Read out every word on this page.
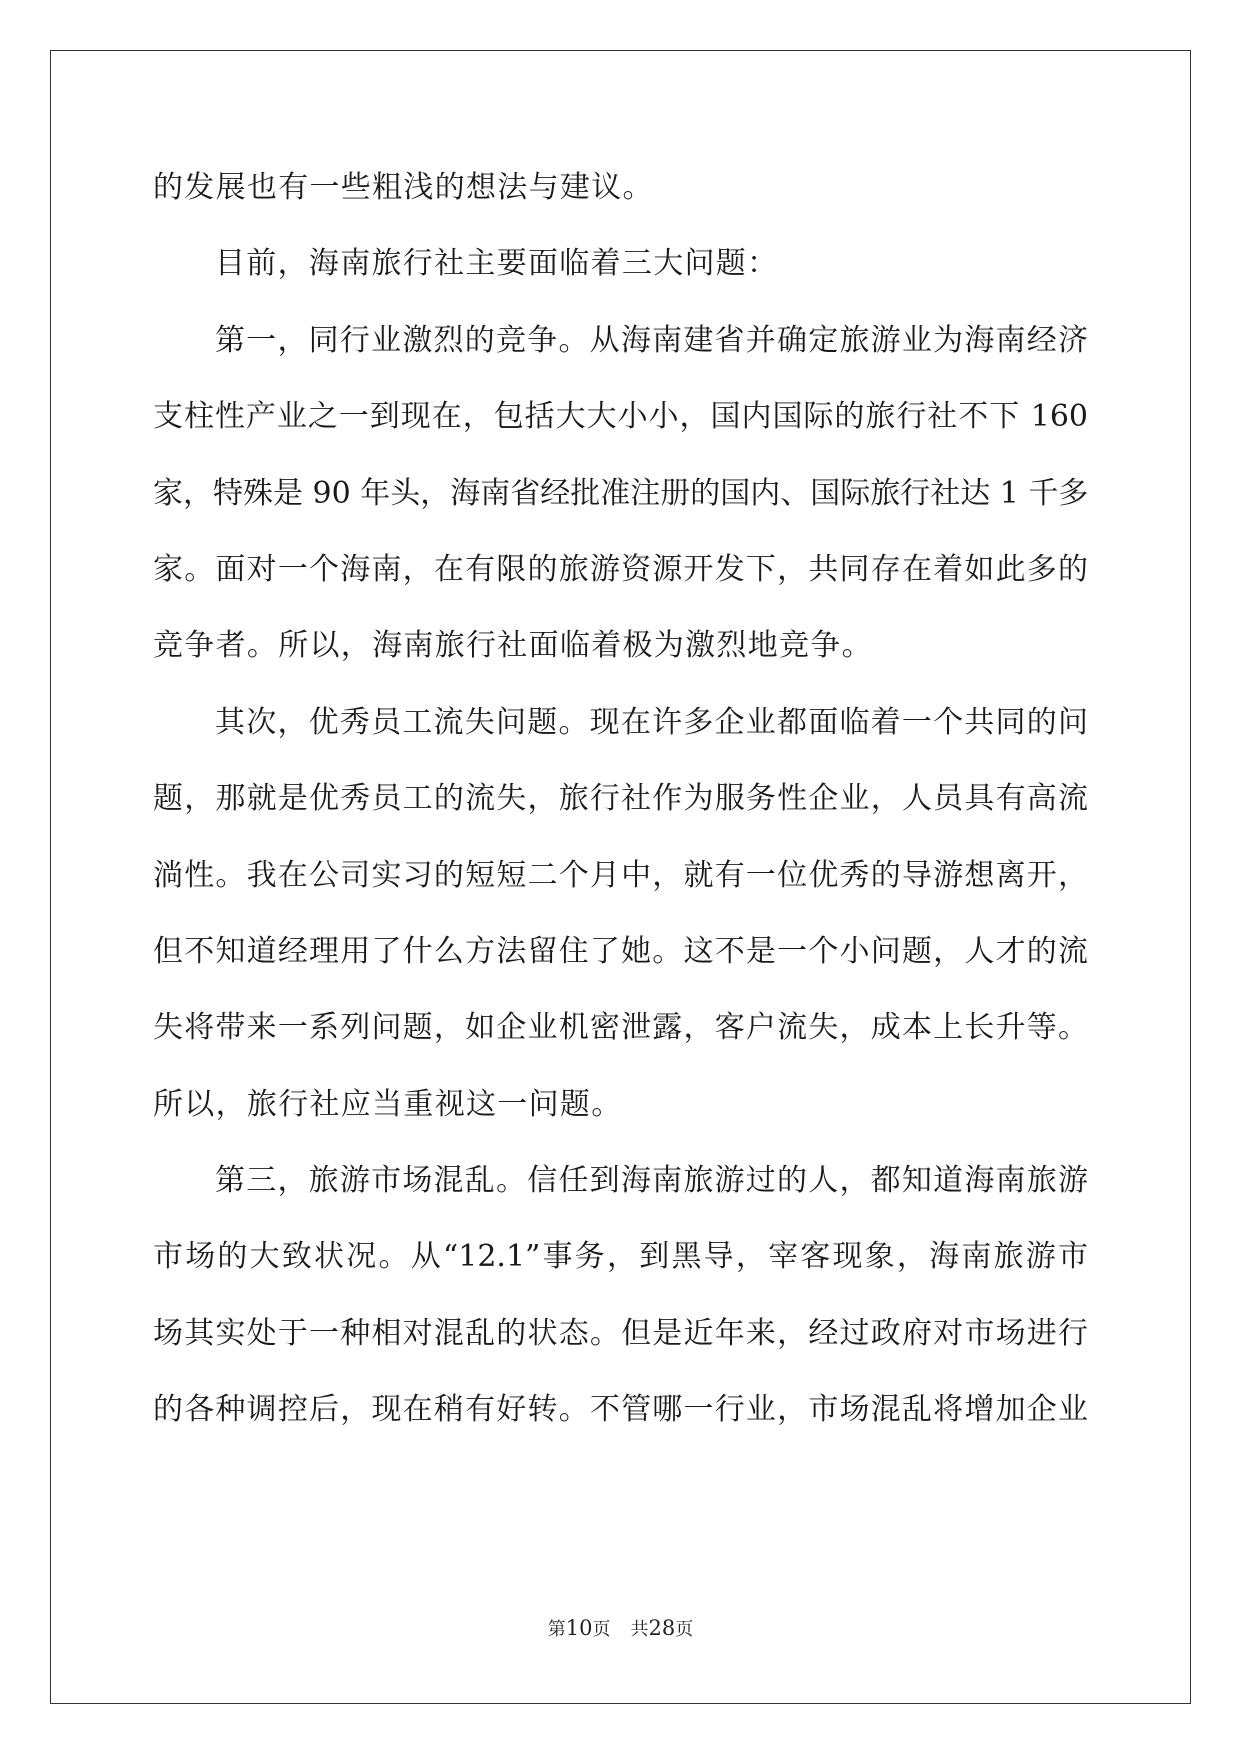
的发展也有一些粗浅的想法与建议。
目前，海南旅行社主要面临着三大问题：
第一，同行业激烈的竞争。从海南建省并确定旅游业为海南经济
支柱性产业之一到现在，包括大大小小，国内国际的旅行社不下 160
家，特殊是 90 年头，海南省经批准注册的国内、国际旅行社达 1 千多
家。面对一个海南，在有限的旅游资源开发下，共同存在着如此多的
竞争者。所以，海南旅行社面临着极为激烈地竞争。
其次，优秀员工流失问题。现在许多企业都面临着一个共同的问
题，那就是优秀员工的流失，旅行社作为服务性企业，人员具有高流
淌性。我在公司实习的短短二个月中，就有一位优秀的导游想离开，
但不知道经理用了什么方法留住了她。这不是一个小问题，人才的流
失将带来一系列问题，如企业机密泄露，客户流失，成本上长升等。
所以，旅行社应当重视这一问题。
第三，旅游市场混乱。信任到海南旅游过的人，都知道海南旅游
市场的大致状况。从“12.1”事务，到黑导，宰客现象，海南旅游市
场其实处于一种相对混乱的状态。但是近年来，经过政府对市场进行
的各种调控后，现在稍有好转。不管哪一行业，市场混乱将增加企业
第10页 共28页
